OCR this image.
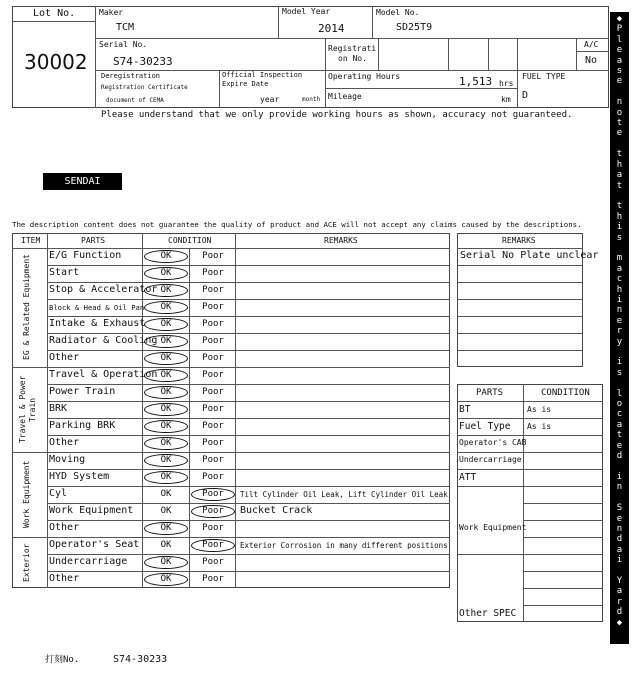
Lot No.
30002
Maker
TCM
Model Year
2014
Model No.
SD25T9
Serial No.
S74-30233
Registrati
on No.
A/C
No
Deregistration
Registration Certificate
document of CEMA
Official Inspection
Expire Date
year	month
Operating Hours	1,513 hrs
Mileage	km
FUEL TYPE
D
Please understand that we only provide working hours as shown, accuracy not guaranteed.
SENDAI
The description content does not guarantee the quality of product and ACE will not accept any claims caused by the descriptions.
◆
P
l
e
a
s
e

n
o
t
e

t
h
a
t

t
h
i
s

m
a
c
h
i
n
e
r
y

i
s

l
o
c
a
t
e
d

i
n

S
e
n
d
a
i

Y
a
r
d
◆
ITEM	PARTS	CONDITION	REMARKS
EG & Related Equipment	E/G Function	OK	Poor
Start	OK	Poor
Stop & Accelerator OK	Poor
Block & Head & Oil Pan	OK	Poor
Intake & Exhaust	OK	Poor
Radiator & Cooling OK	Poor
Other	OK	Poor
Travel & Power Train
Travel & Operation OK	Poor
Power Train	OK	Poor
BRK	OK	Poor
Parking BRK	OK	Poor
Other	OK	Poor
Work Equipment
Moving	OK	Poor
HYD System	OK	Poor
Cyl	OK	Poor	Tilt Cylinder Oil Leak, Lift Cylinder Oil Leak
Work Equipment	OK	Poor	Bucket Crack
Other	OK	Poor
Exterior	Operator's Seat	OK	Poor	Exterior Corrosion in many different positions
Undercarriage	OK	Poor
Other	OK	Poor
REMARKS
Serial No Plate unclear
PARTS	CONDITION
BT	As is
Fuel Type As is
Operator's CAB
Undercarriage
ATT
Work Equipment
Other SPEC
打刻No.	S74-30233
